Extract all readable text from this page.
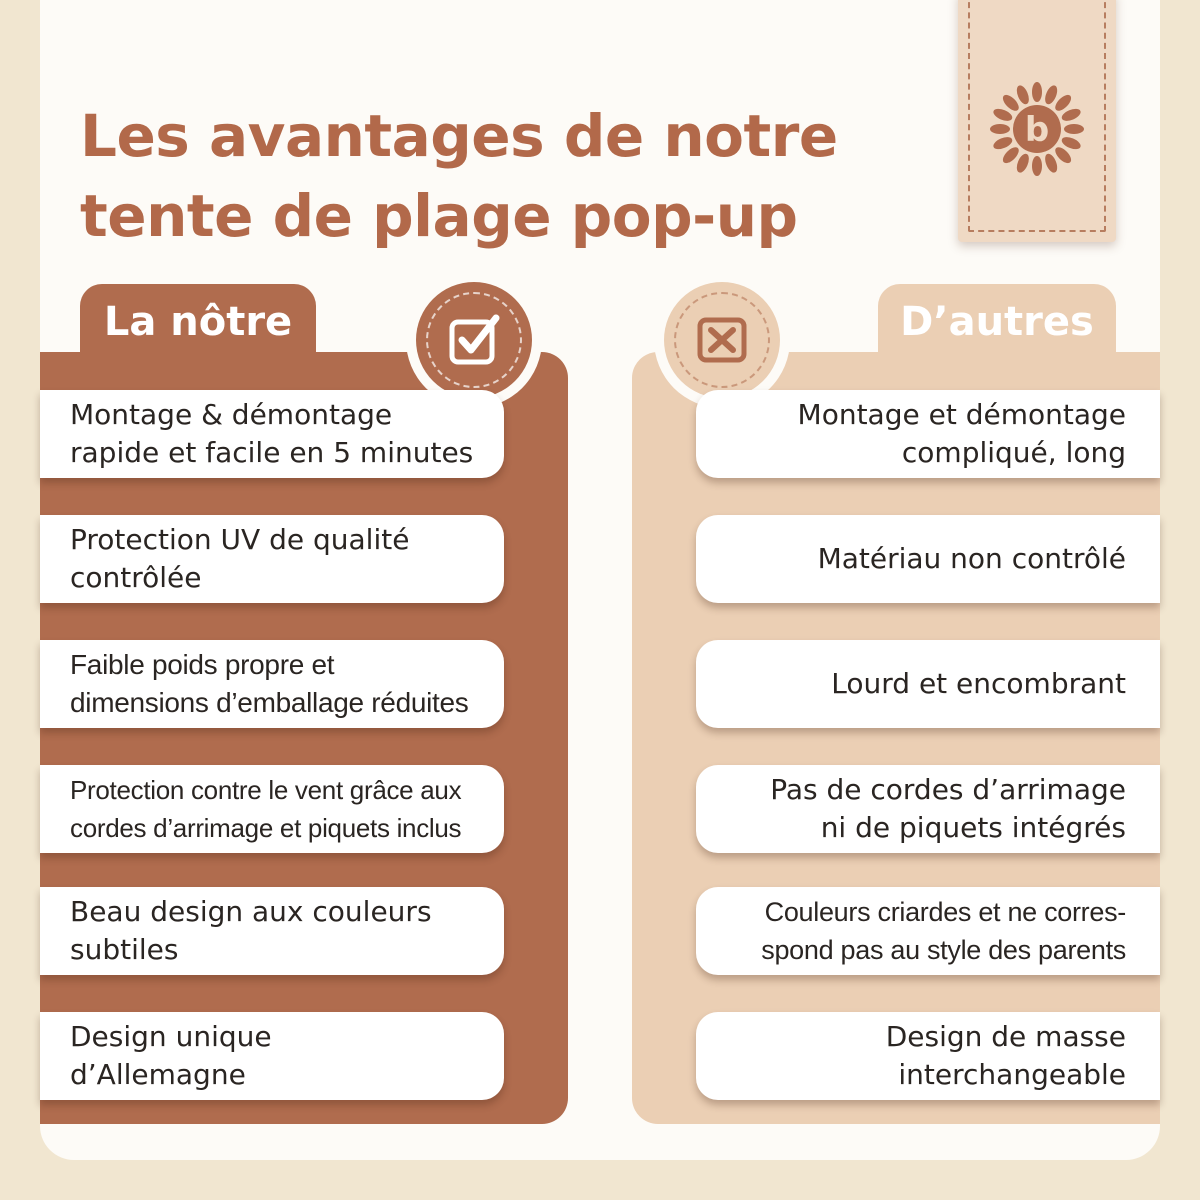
Les avantages de notre
tente de plage pop-up
b
La nôtre	D’autres
Montage & démontage
rapide et facile en 5 minutes
Protection UV de qualité
contrôlée
Faible poids propre et
dimensions d’emballage réduites
Protection contre le vent grâce aux
cordes d’arrimage et piquets inclus
Beau design aux couleurs
subtiles
Design unique
d’Allemagne
Montage et démontage
compliqué, long
Matériau non contrôlé
Lourd et encombrant
Pas de cordes d’arrimage
ni de piquets intégrés
Couleurs criardes et ne corres-
spond pas au style des parents
Design de masse
interchangeable
